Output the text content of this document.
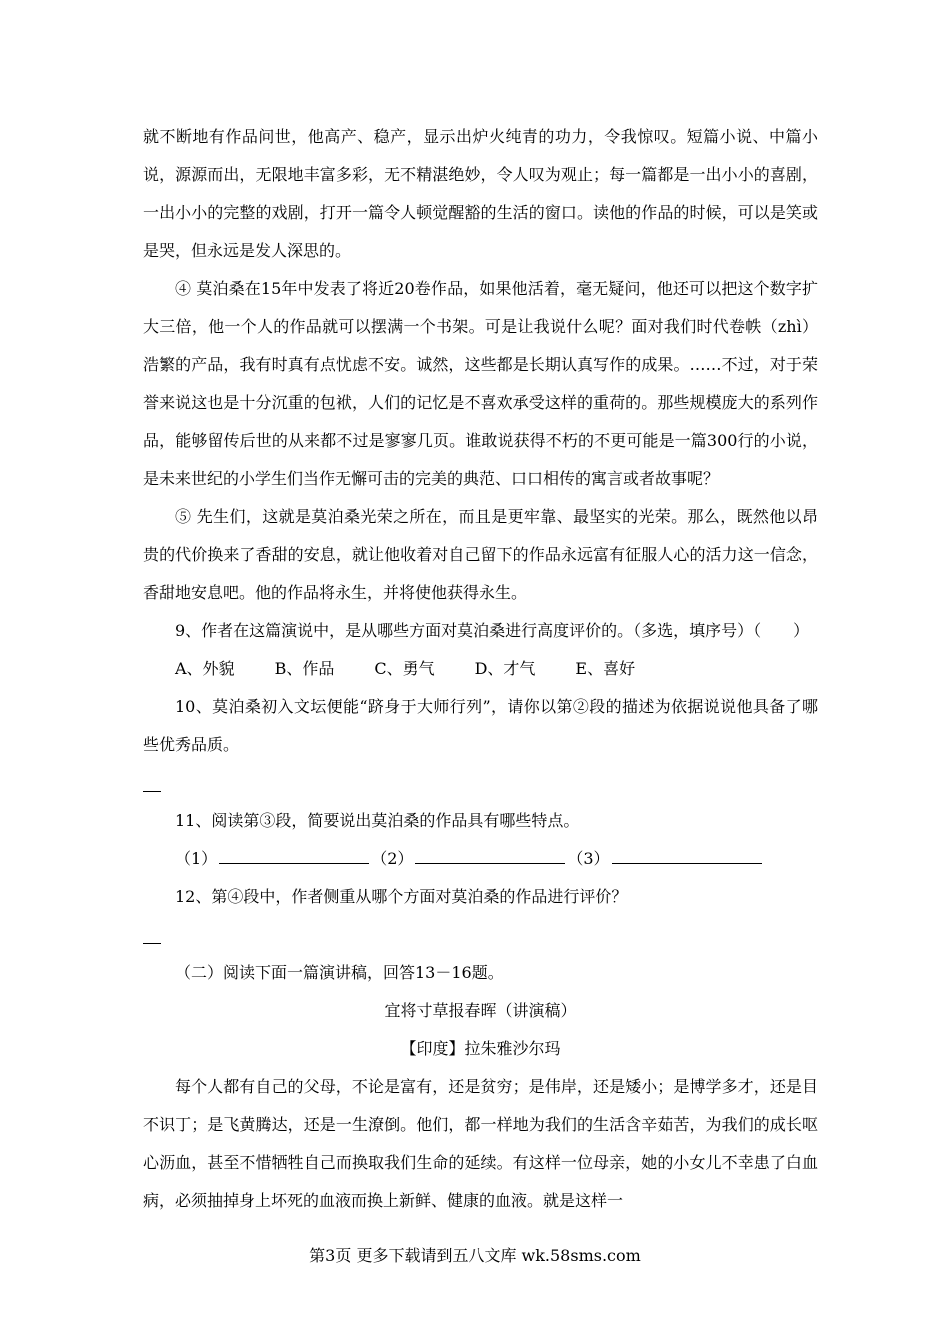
就不断地有作品问世，他高产、稳产，显示出炉火纯青的功力，令我惊叹。短篇小说、中篇小说，源源而出，无限地丰富多彩，无不精湛绝妙，令人叹为观止；每一篇都是一出小小的喜剧，一出小小的完整的戏剧，打开一篇令人顿觉醒豁的生活的窗口。读他的作品的时候，可以是笑或是哭，但永远是发人深思的。

④ 莫泊桑在15年中发表了将近20卷作品，如果他活着，毫无疑问，他还可以把这个数字扩大三倍，他一个人的作品就可以摆满一个书架。可是让我说什么呢？面对我们时代卷帙（zhì）浩繁的产品，我有时真有点忧虑不安。诚然，这些都是长期认真写作的成果。……不过，对于荣誉来说这也是十分沉重的包袱，人们的记忆是不喜欢承受这样的重荷的。那些规模庞大的系列作品，能够留传后世的从来都不过是寥寥几页。谁敢说获得不朽的不更可能是一篇300行的小说，是未来世纪的小学生们当作无懈可击的完美的典范、口口相传的寓言或者故事呢？

⑤ 先生们，这就是莫泊桑光荣之所在，而且是更牢靠、最坚实的光荣。那么，既然他以昂贵的代价换来了香甜的安息，就让他收着对自己留下的作品永远富有征服人心的活力这一信念，香甜地安息吧。他的作品将永生，并将使他获得永生。

9、作者在这篇演说中，是从哪些方面对莫泊桑进行高度评价的。（多选，填序号）（　　）

A、外貌	B、作品	C、勇气	D、才气	E、喜好

10、莫泊桑初入文坛便能“跻身于大师行列”，请你以第②段的描述为依据说说他具备了哪些优秀品质。

11、阅读第③段，简要说出莫泊桑的作品具有哪些特点。

（1）	（2）	（3）

12、第④段中，作者侧重从哪个方面对莫泊桑的作品进行评价？

（二）阅读下面一篇演讲稿，回答13－16题。

宜将寸草报春晖（讲演稿）

【印度】拉朱雅沙尔玛

每个人都有自己的父母，不论是富有，还是贫穷；是伟岸，还是矮小；是博学多才，还是目不识丁；是飞黄腾达，还是一生潦倒。他们，都一样地为我们的生活含辛茹苦，为我们的成长呕心沥血，甚至不惜牺牲自己而换取我们生命的延续。有这样一位母亲，她的小女儿不幸患了白血病，必须抽掉身上坏死的血液而换上新鲜、健康的血液。就是这样一

第3页 更多下载请到五八文库 wk.58sms.com
